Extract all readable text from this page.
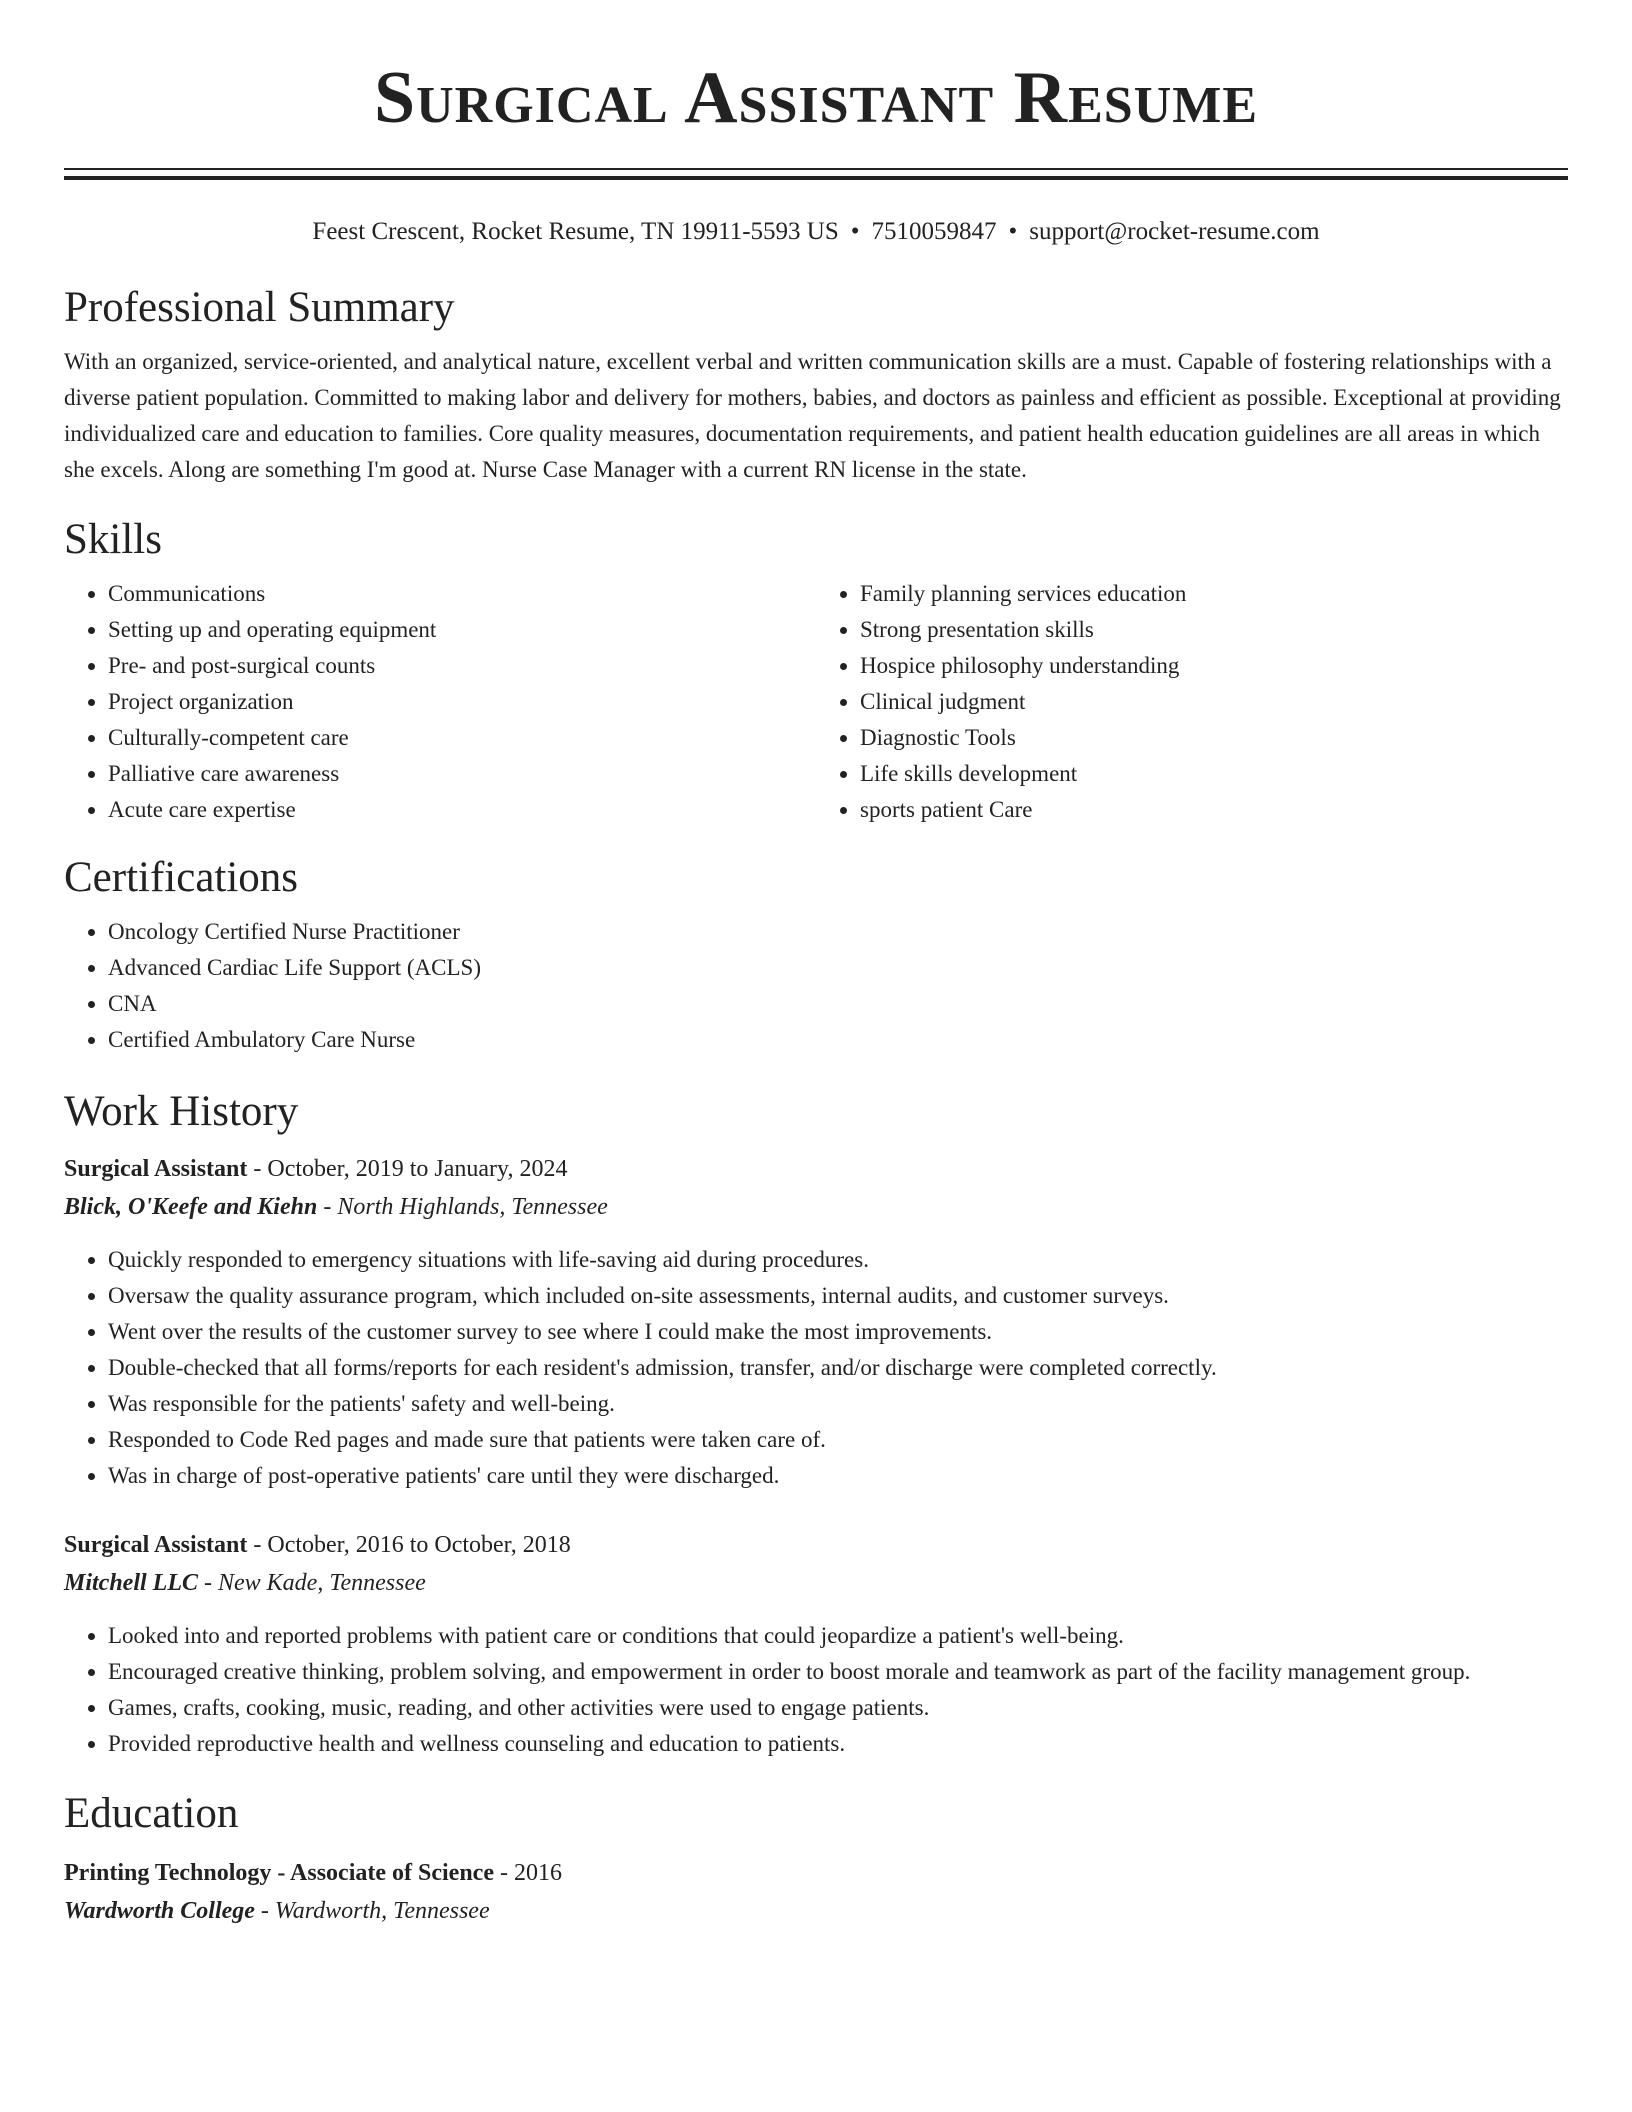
Surgical Assistant Resume
Feest Crescent, Rocket Resume, TN 19911-5593 US • 7510059847 • support@rocket-resume.com
Professional Summary

With an organized, service-oriented, and analytical nature, excellent verbal and written communication skills are a must. Capable of fostering relationships with a diverse patient population. Committed to making labor and delivery for mothers, babies, and doctors as painless and efficient as possible. Exceptional at providing individualized care and education to families. Core quality measures, documentation requirements, and patient health education guidelines are all areas in which she excels. Along are something I'm good at. Nurse Case Manager with a current RN license in the state.

Skills
• Communications
• Setting up and operating equipment
• Pre- and post-surgical counts
• Project organization
• Culturally-competent care
• Palliative care awareness
• Acute care expertise
• Family planning services education
• Strong presentation skills
• Hospice philosophy understanding
• Clinical judgment
• Diagnostic Tools
• Life skills development
• sports patient Care
Certifications
• Oncology Certified Nurse Practitioner
• Advanced Cardiac Life Support (ACLS)
• CNA
• Certified Ambulatory Care Nurse
Work History
Surgical Assistant - October, 2019 to January, 2024
Blick, O'Keefe and Kiehn - North Highlands, Tennessee
• Quickly responded to emergency situations with life-saving aid during procedures.
• Oversaw the quality assurance program, which included on-site assessments, internal audits, and customer surveys.
• Went over the results of the customer survey to see where I could make the most improvements.
• Double-checked that all forms/reports for each resident's admission, transfer, and/or discharge were completed correctly.
• Was responsible for the patients' safety and well-being.
• Responded to Code Red pages and made sure that patients were taken care of.
• Was in charge of post-operative patients' care until they were discharged.
Surgical Assistant - October, 2016 to October, 2018
Mitchell LLC - New Kade, Tennessee
• Looked into and reported problems with patient care or conditions that could jeopardize a patient's well-being.
• Encouraged creative thinking, problem solving, and empowerment in order to boost morale and teamwork as part of the facility management group.
• Games, crafts, cooking, music, reading, and other activities were used to engage patients.
• Provided reproductive health and wellness counseling and education to patients.
Education
Printing Technology - Associate of Science - 2016
Wardworth College - Wardworth, Tennessee
